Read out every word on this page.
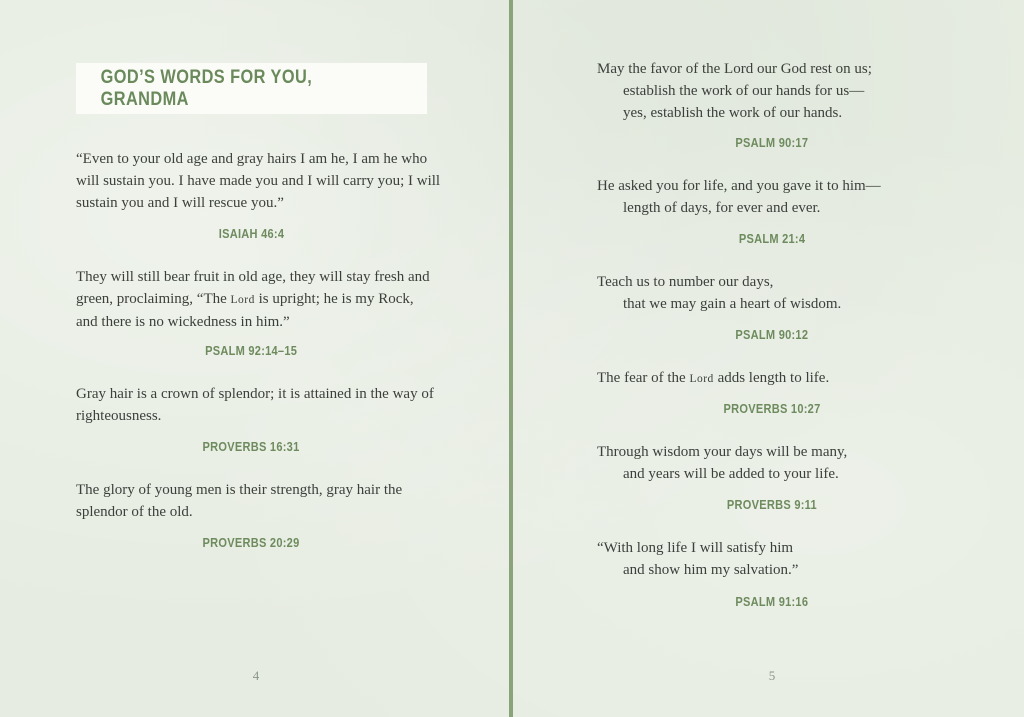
GOD’S WORDS FOR YOU, GRANDMA
“Even to your old age and gray hairs I am he, I am he who
will sustain you. I have made you and I will carry you; I will
sustain you and I will rescue you.”
ISAIAH 46:4
They will still bear fruit in old age, they will stay fresh and
green, proclaiming, “The Lord is upright; he is my Rock,
and there is no wickedness in him.”
PSALM 92:14–15
Gray hair is a crown of splendor; it is attained in the way of
righteousness.
PROVERBS 16:31
The glory of young men is their strength, gray hair the
splendor of the old.
PROVERBS 20:29
4
May the favor of the Lord our God rest on us;
establish the work of our hands for us—
yes, establish the work of our hands.
PSALM 90:17
He asked you for life, and you gave it to him—
length of days, for ever and ever.
PSALM 21:4
Teach us to number our days,
that we may gain a heart of wisdom.
PSALM 90:12
The fear of the Lord adds length to life.
PROVERBS 10:27
Through wisdom your days will be many,
and years will be added to your life.
PROVERBS 9:11
“With long life I will satisfy him
and show him my salvation.”
PSALM 91:16
5
